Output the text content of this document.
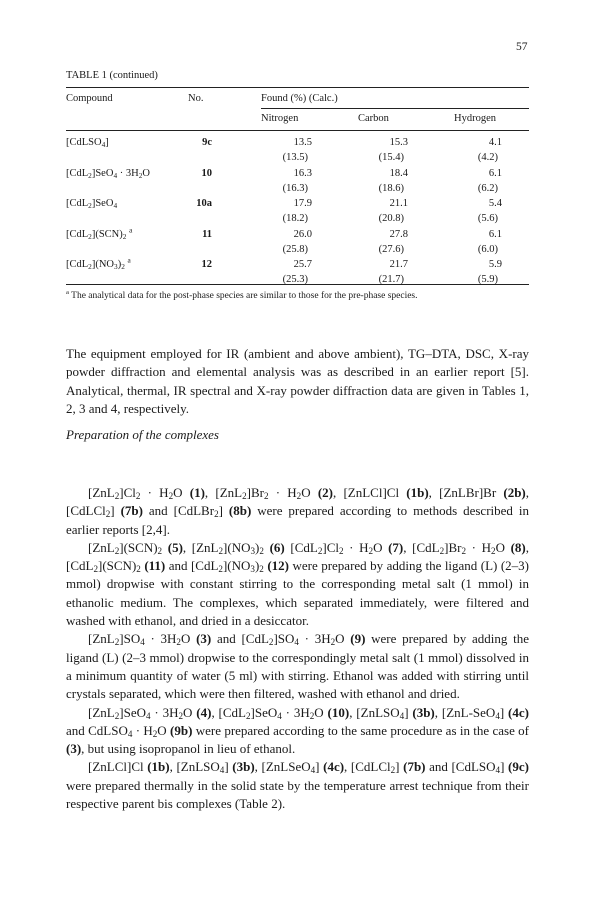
57
TABLE 1 (continued)
Compound	No.	Found (%) (Calc.)
Nitrogen	Carbon	Hydrogen
[CdLSO$_4$]	9c	13.5	15.3	4.1
(13.5)	(15.4)	(4.2)
$[CdL_2]SeO_4 \cdot 3H_2O$	10	16.3	18.4	6.1
(16.3)	(18.6)	(6.2)
[CdL$_2$]SeO$_4$	10a	17.9	21.1	5.4
(18.2)	(20.8)	(5.6)
$[CdL_2](SCN)_2$ $^a$	11	26.0	27.8	6.1
(25.8)	(27.6)	(6.0)
$[CdL_2](NO_3)_2$ $^a$	12	25.7	21.7	5.9
(25.3)	(21.7)	(5.9)
$^a$ The analytical data for the post-phase species are similar to those for the pre-phase species.
The equipment employed for IR (ambient and above ambient), TG–DTA, DSC, X-ray powder diffraction and elemental analysis was as described in an earlier report [5]. Analytical, thermal, IR spectral and X-ray powder diffraction data are given in Tables 1, 2, 3 and 4, respectively.
Preparation of the complexes

$[ZnL_2]Cl_2 \cdot H_2O$ (1), $[ZnL_2]Br_2 \cdot H_2O$ (2), [ZnLCl]Cl (1b), [ZnLBr]Br (2b), [CdLCl$_2$] (7b) and [CdLBr$_2$] (8b) were prepared according to methods described in earlier reports [2,4].

$[ZnL_2](SCN)_2$ (5), $[ZnL_2](NO_3)_2$ (6) $[CdL_2]Cl_2 \cdot H_2O$ (7), $[CdL_2]Br_2 \cdot H_2O$ (8), $[CdL_2](SCN)_2$ (11) and $[CdL_2](NO_3)_2$ (12) were prepared by adding the ligand (L) (2–3) mmol) dropwise with constant stirring to the corresponding metal salt (1 mmol) in ethanolic medium. The complexes, which separated immediately, were filtered and washed with ethanol, and dried in a desiccator.

$[ZnL_2]SO_4 \cdot 3H_2O$ (3) and $[CdL_2]SO_4 \cdot 3H_2O$ (9) were prepared by adding the ligand (L) (2–3 mmol) dropwise to the correspondingly metal salt (1 mmol) dissolved in a minimum quantity of water (5 ml) with stirring. Ethanol was added with stirring until crystals separated, which were then filtered, washed with ethanol and dried.

$[ZnL_2]SeO_4 \cdot 3H_2O$ (4), $[CdL_2]SeO_4 \cdot 3H_2O$ (10), [ZnLSO$_4$] (3b), [ZnL-SeO$_4$] (4c) and CdLSO$_4$ · $H_2O$ (9b) were prepared according to the same procedure as in the case of (3), but using isopropanol in lieu of ethanol.

[ZnLCl]Cl (1b), [ZnLSO$_4$] (3b), [ZnLSeO$_4$] (4c), [CdLCl$_2$] (7b) and [CdLSO$_4$] (9c) were prepared thermally in the solid state by the temperature arrest technique from their respective parent bis complexes (Table 2).
